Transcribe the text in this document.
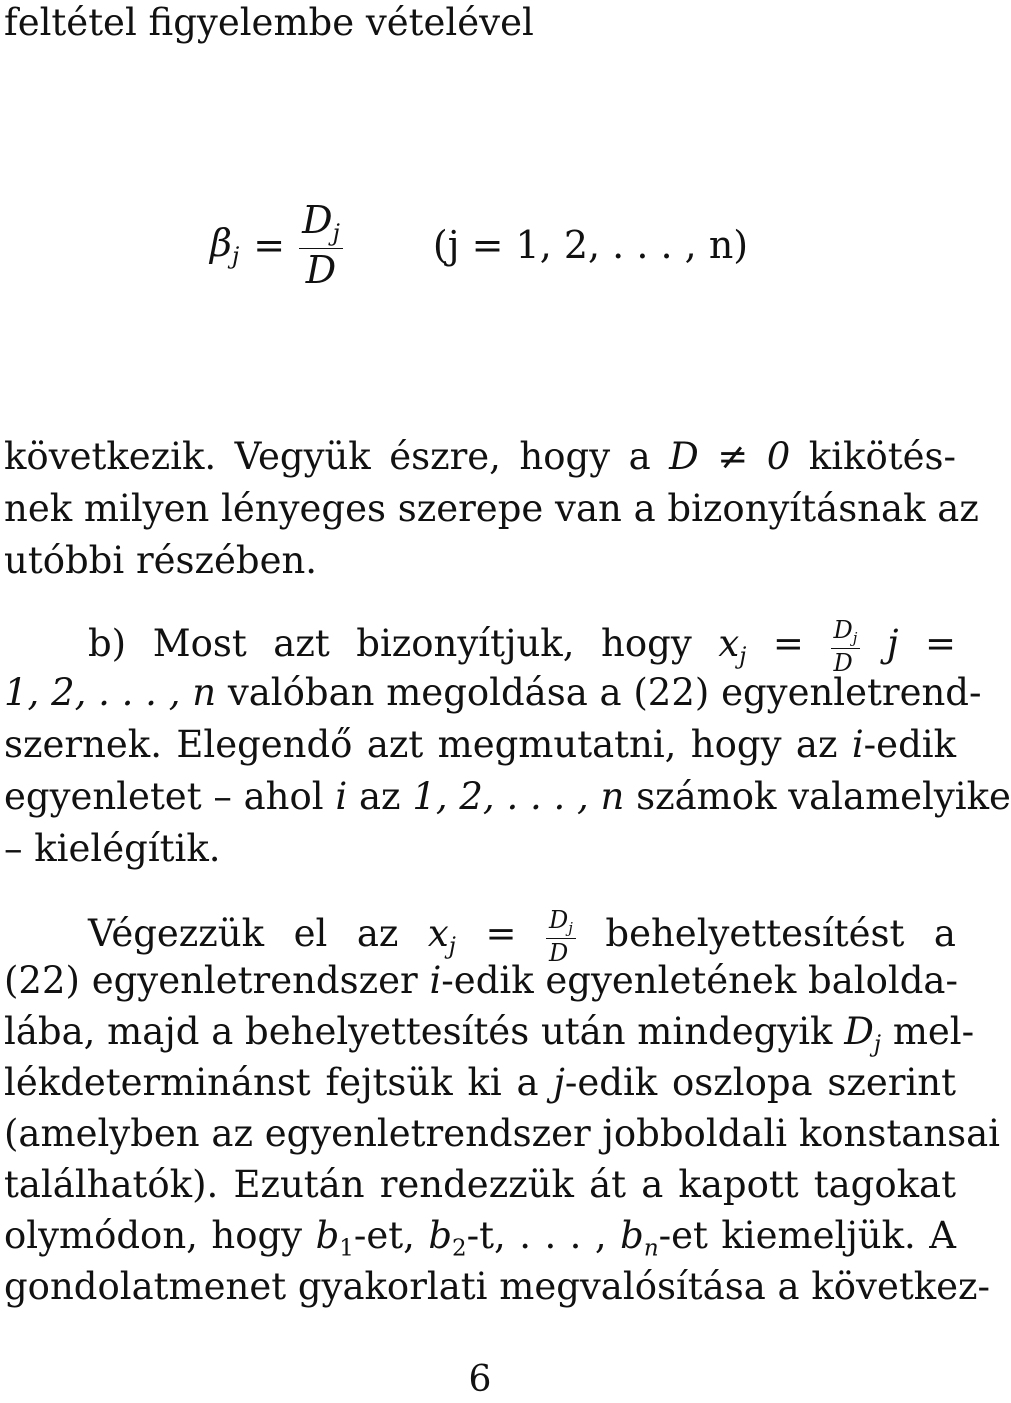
feltétel figyelembe vételével
$\beta_j = \frac{D_j}{D} (j = 1$, 2, . . . , n)
következik. Vegyük észre, hogy a D ≠ 0 kikötés-
nek milyen lényeges szerepe van a bizonyításnak az
utóbbi részében.
b) Most azt bizonyítjuk, hogy $x_j = \frac{D_j}{D}$ j =
1, 2, . . . , n valóban megoldása a (22) egyenletrend-
szernek. Elegendő azt megmutatni, hogy az i-edik
egyenletet – ahol i az 1, 2, . . . , n számok valamelyike
– kielégítik.
Végezzük el az $x_j = \frac{D_j}{D}$ behelyettesítést a
(22) egyenletrendszer i-edik egyenletének balolda-
lába, majd a behelyettesítés után mindegyik $D_j$ mel-
lékdeterminánst fejtsük ki a j-edik oszlopa szerint
(amelyben az egyenletrendszer jobboldali konstansai
találhatók). Ezután rendezzük át a kapott tagokat
olymódon, hogy $b_1-et$, $b_2-t$, . . . , $b_n-et$ kiemeljük. A
gondolatmenet gyakorlati megvalósítása a következ-
6
